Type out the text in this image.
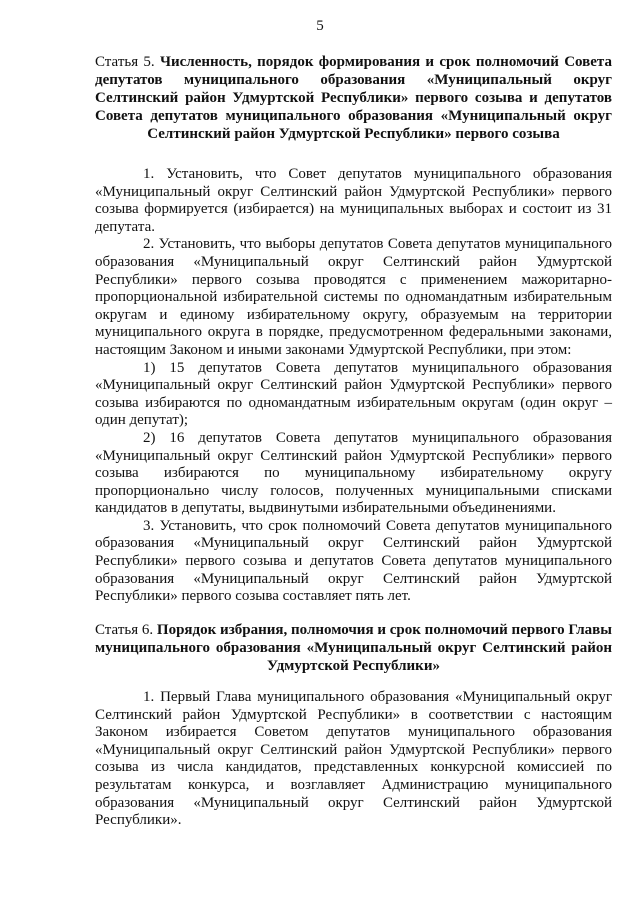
5
Статья 5. Численность, порядок формирования и срок полномочий Совета депутатов муниципального образования «Муниципальный округ Селтинский район Удмуртской Республики» первого созыва и депутатов Совета депутатов муниципального образования «Муниципальный округ Селтинский район Удмуртской Республики» первого созыва

1. Установить, что Совет депутатов муниципального образования «Муниципальный округ Селтинский район Удмуртской Республики» первого созыва формируется (избирается) на муниципальных выборах и состоит из 31 депутата.

2. Установить, что выборы депутатов Совета депутатов муниципального образования «Муниципальный округ Селтинский район Удмуртской Республики» первого созыва проводятся с применением мажоритарно-пропорциональной избирательной системы по одномандатным избирательным округам и единому избирательному округу, образуемым на территории муниципального округа в порядке, предусмотренном федеральными законами, настоящим Законом и иными законами Удмуртской Республики, при этом:

1) 15 депутатов Совета депутатов муниципального образования «Муниципальный округ Селтинский район Удмуртской Республики» первого созыва избираются по одномандатным избирательным округам (один округ – один депутат);

2) 16 депутатов Совета депутатов муниципального образования «Муниципальный округ Селтинский район Удмуртской Республики» первого созыва избираются по муниципальному избирательному округу пропорционально числу голосов, полученных муниципальными списками кандидатов в депутаты, выдвинутыми избирательными объединениями.

3. Установить, что срок полномочий Совета депутатов муниципального образования «Муниципальный округ Селтинский район Удмуртской Республики» первого созыва и депутатов Совета депутатов муниципального образования «Муниципальный округ Селтинский район Удмуртской Республики» первого созыва составляет пять лет.

Статья 6. Порядок избрания, полномочия и срок полномочий первого Главы муниципального образования «Муниципальный округ Селтинский район Удмуртской Республики»

1. Первый Глава муниципального образования «Муниципальный округ Селтинский район Удмуртской Республики» в соответствии с настоящим Законом избирается Советом депутатов муниципального образования «Муниципальный округ Селтинский район Удмуртской Республики» первого созыва из числа кандидатов, представленных конкурсной комиссией по результатам конкурса, и возглавляет Администрацию муниципального образования «Муниципальный округ Селтинский район Удмуртской Республики».
